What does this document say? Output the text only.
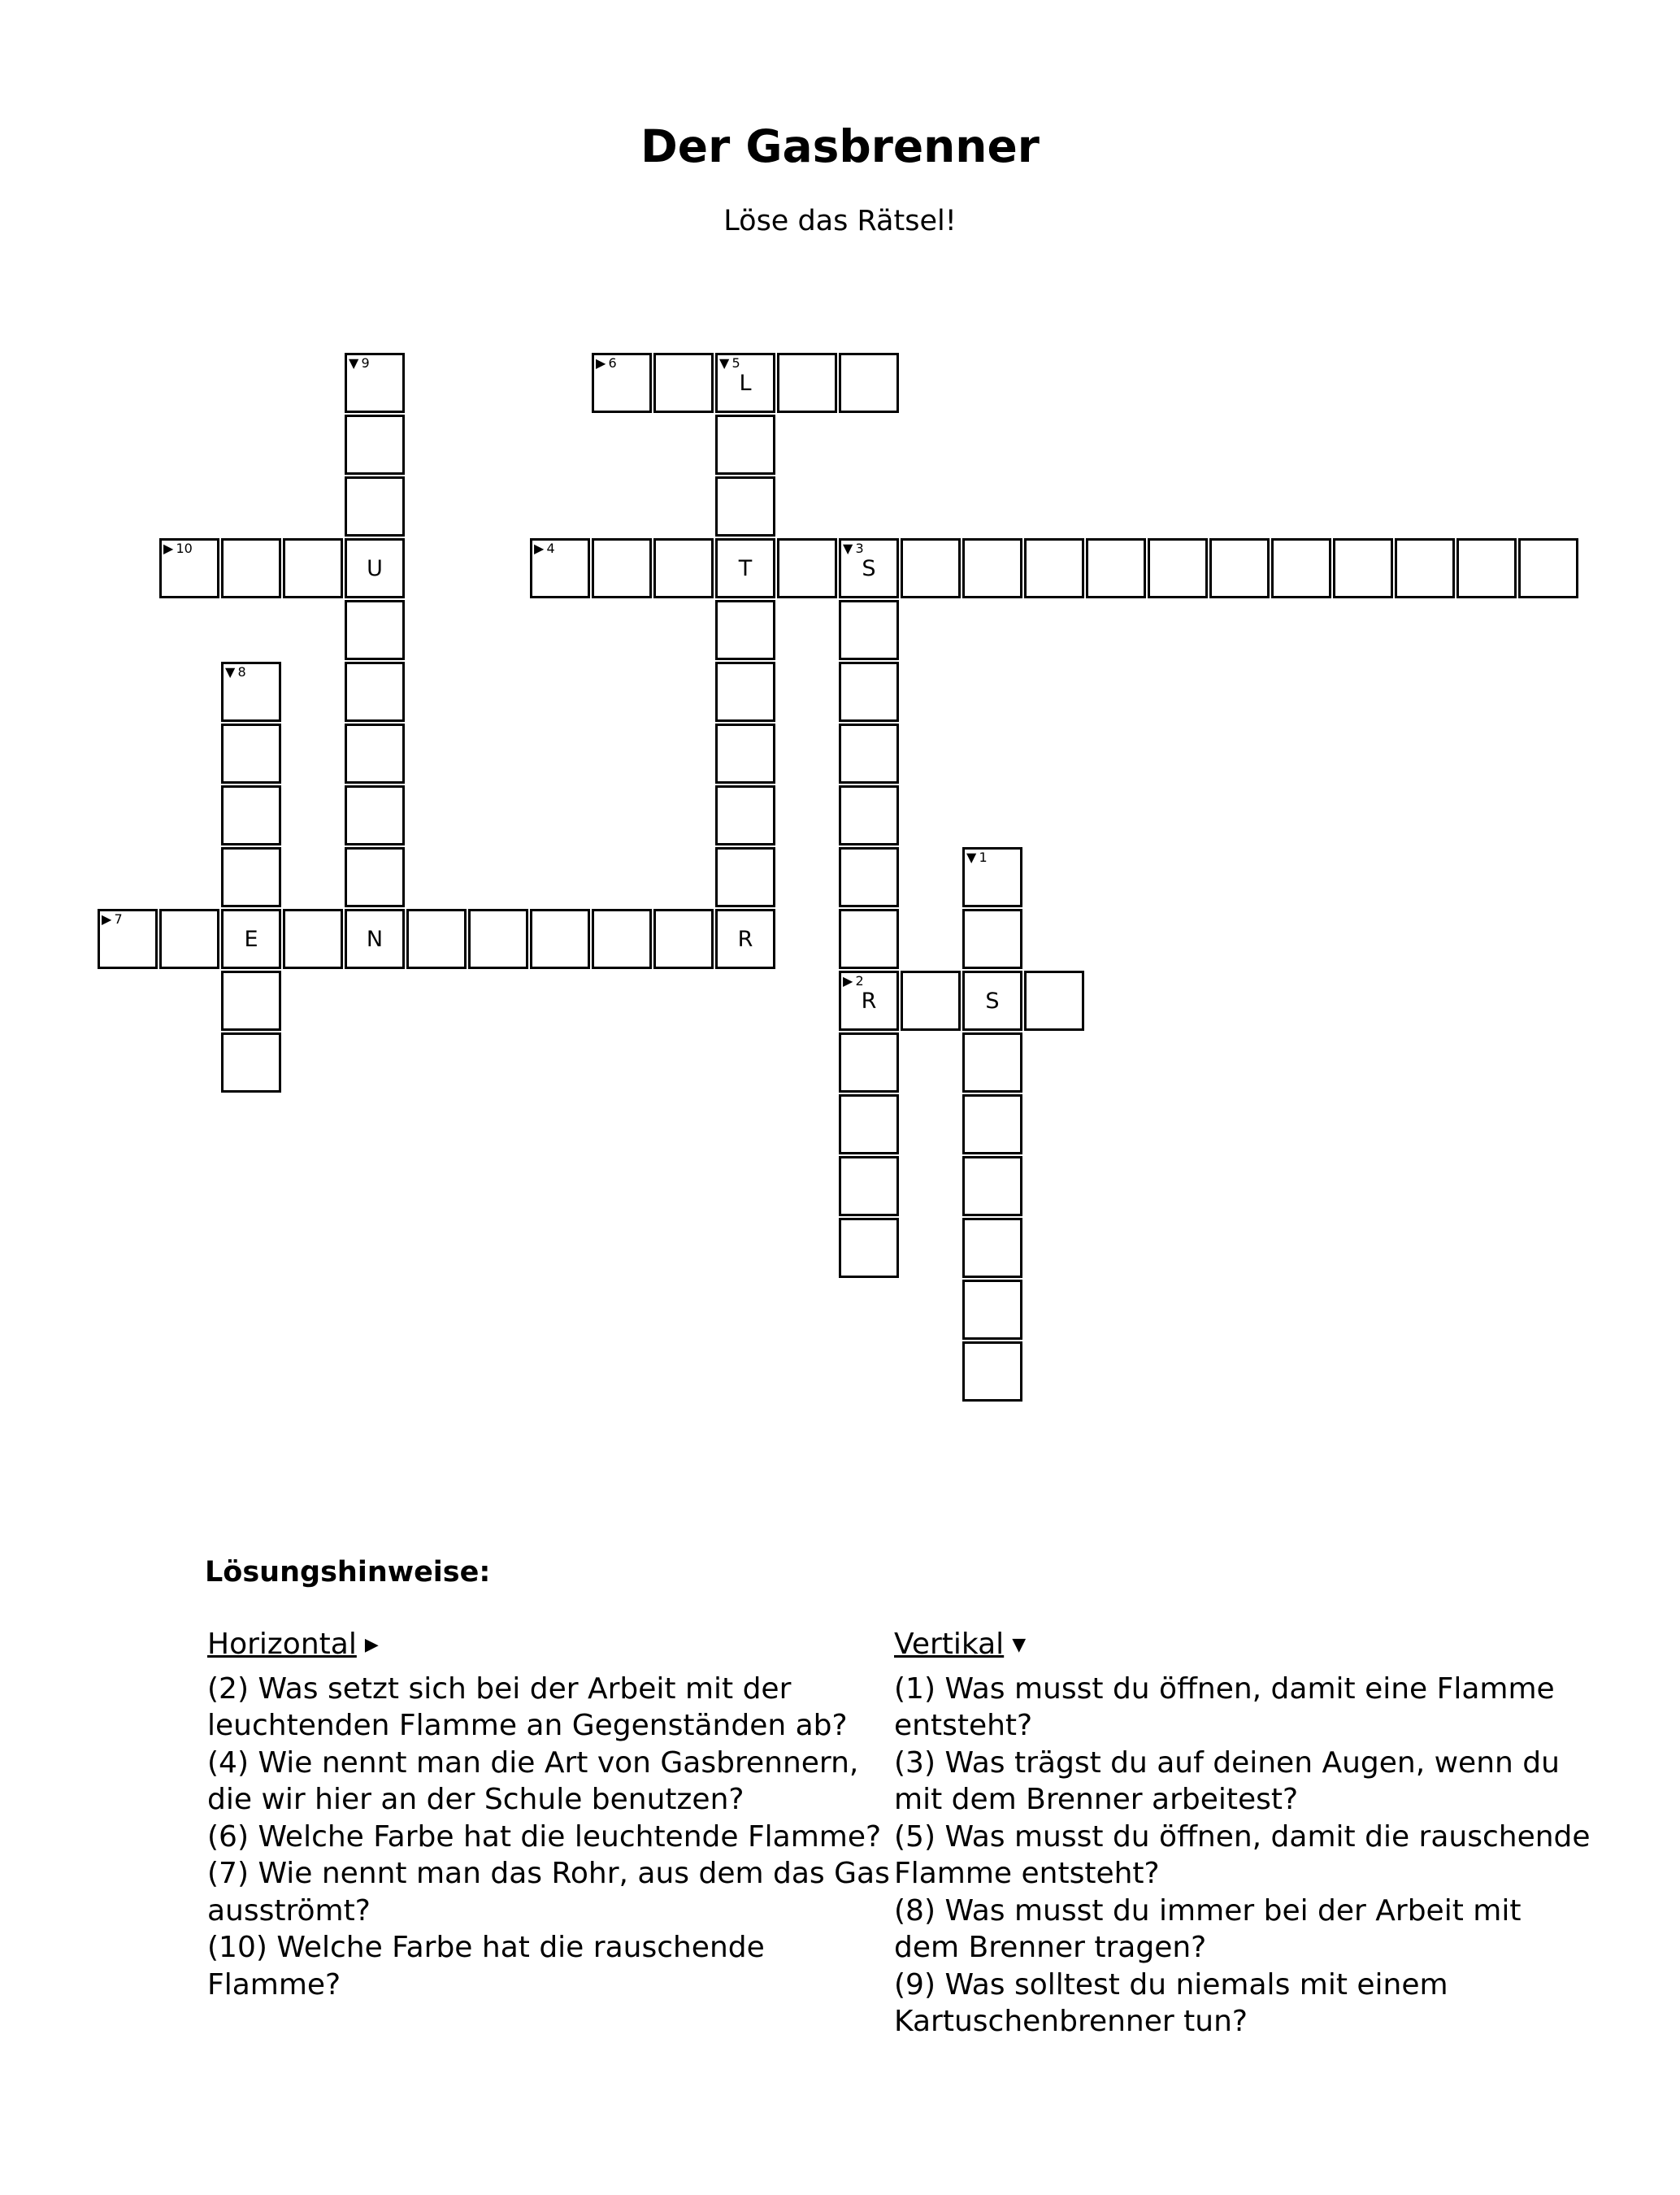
Der Gasbrenner

Löse das Rätsel!

▼ 1
S
▶ 2
R
▼ 3
S
▶ 4
T
▼ 5
L
R
▶ 6
▶ 7
E	N
▼ 8
▼ 9
U
▶ 10
Lösungshinweise:
Horizontal ▶

(2) Was setzt sich bei der Arbeit mit der leuchtenden Flamme an Gegenständen ab?

(4) Wie nennt man die Art von Gasbrennern, die wir hier an der Schule benutzen?

(6) Welche Farbe hat die leuchtende Flamme?

(7) Wie nennt man das Rohr, aus dem das Gas ausströmt?

(10) Welche Farbe hat die rauschende Flamme?

Vertikal ▼

(1) Was musst du öffnen, damit eine Flamme entsteht?

(3) Was trägst du auf deinen Augen, wenn du mit dem Brenner arbeitest?

(5) Was musst du öffnen, damit die rauschende Flamme entsteht?

(8) Was musst du immer bei der Arbeit mit dem Brenner tragen?

(9) Was solltest du niemals mit einem Kartuschenbrenner tun?
